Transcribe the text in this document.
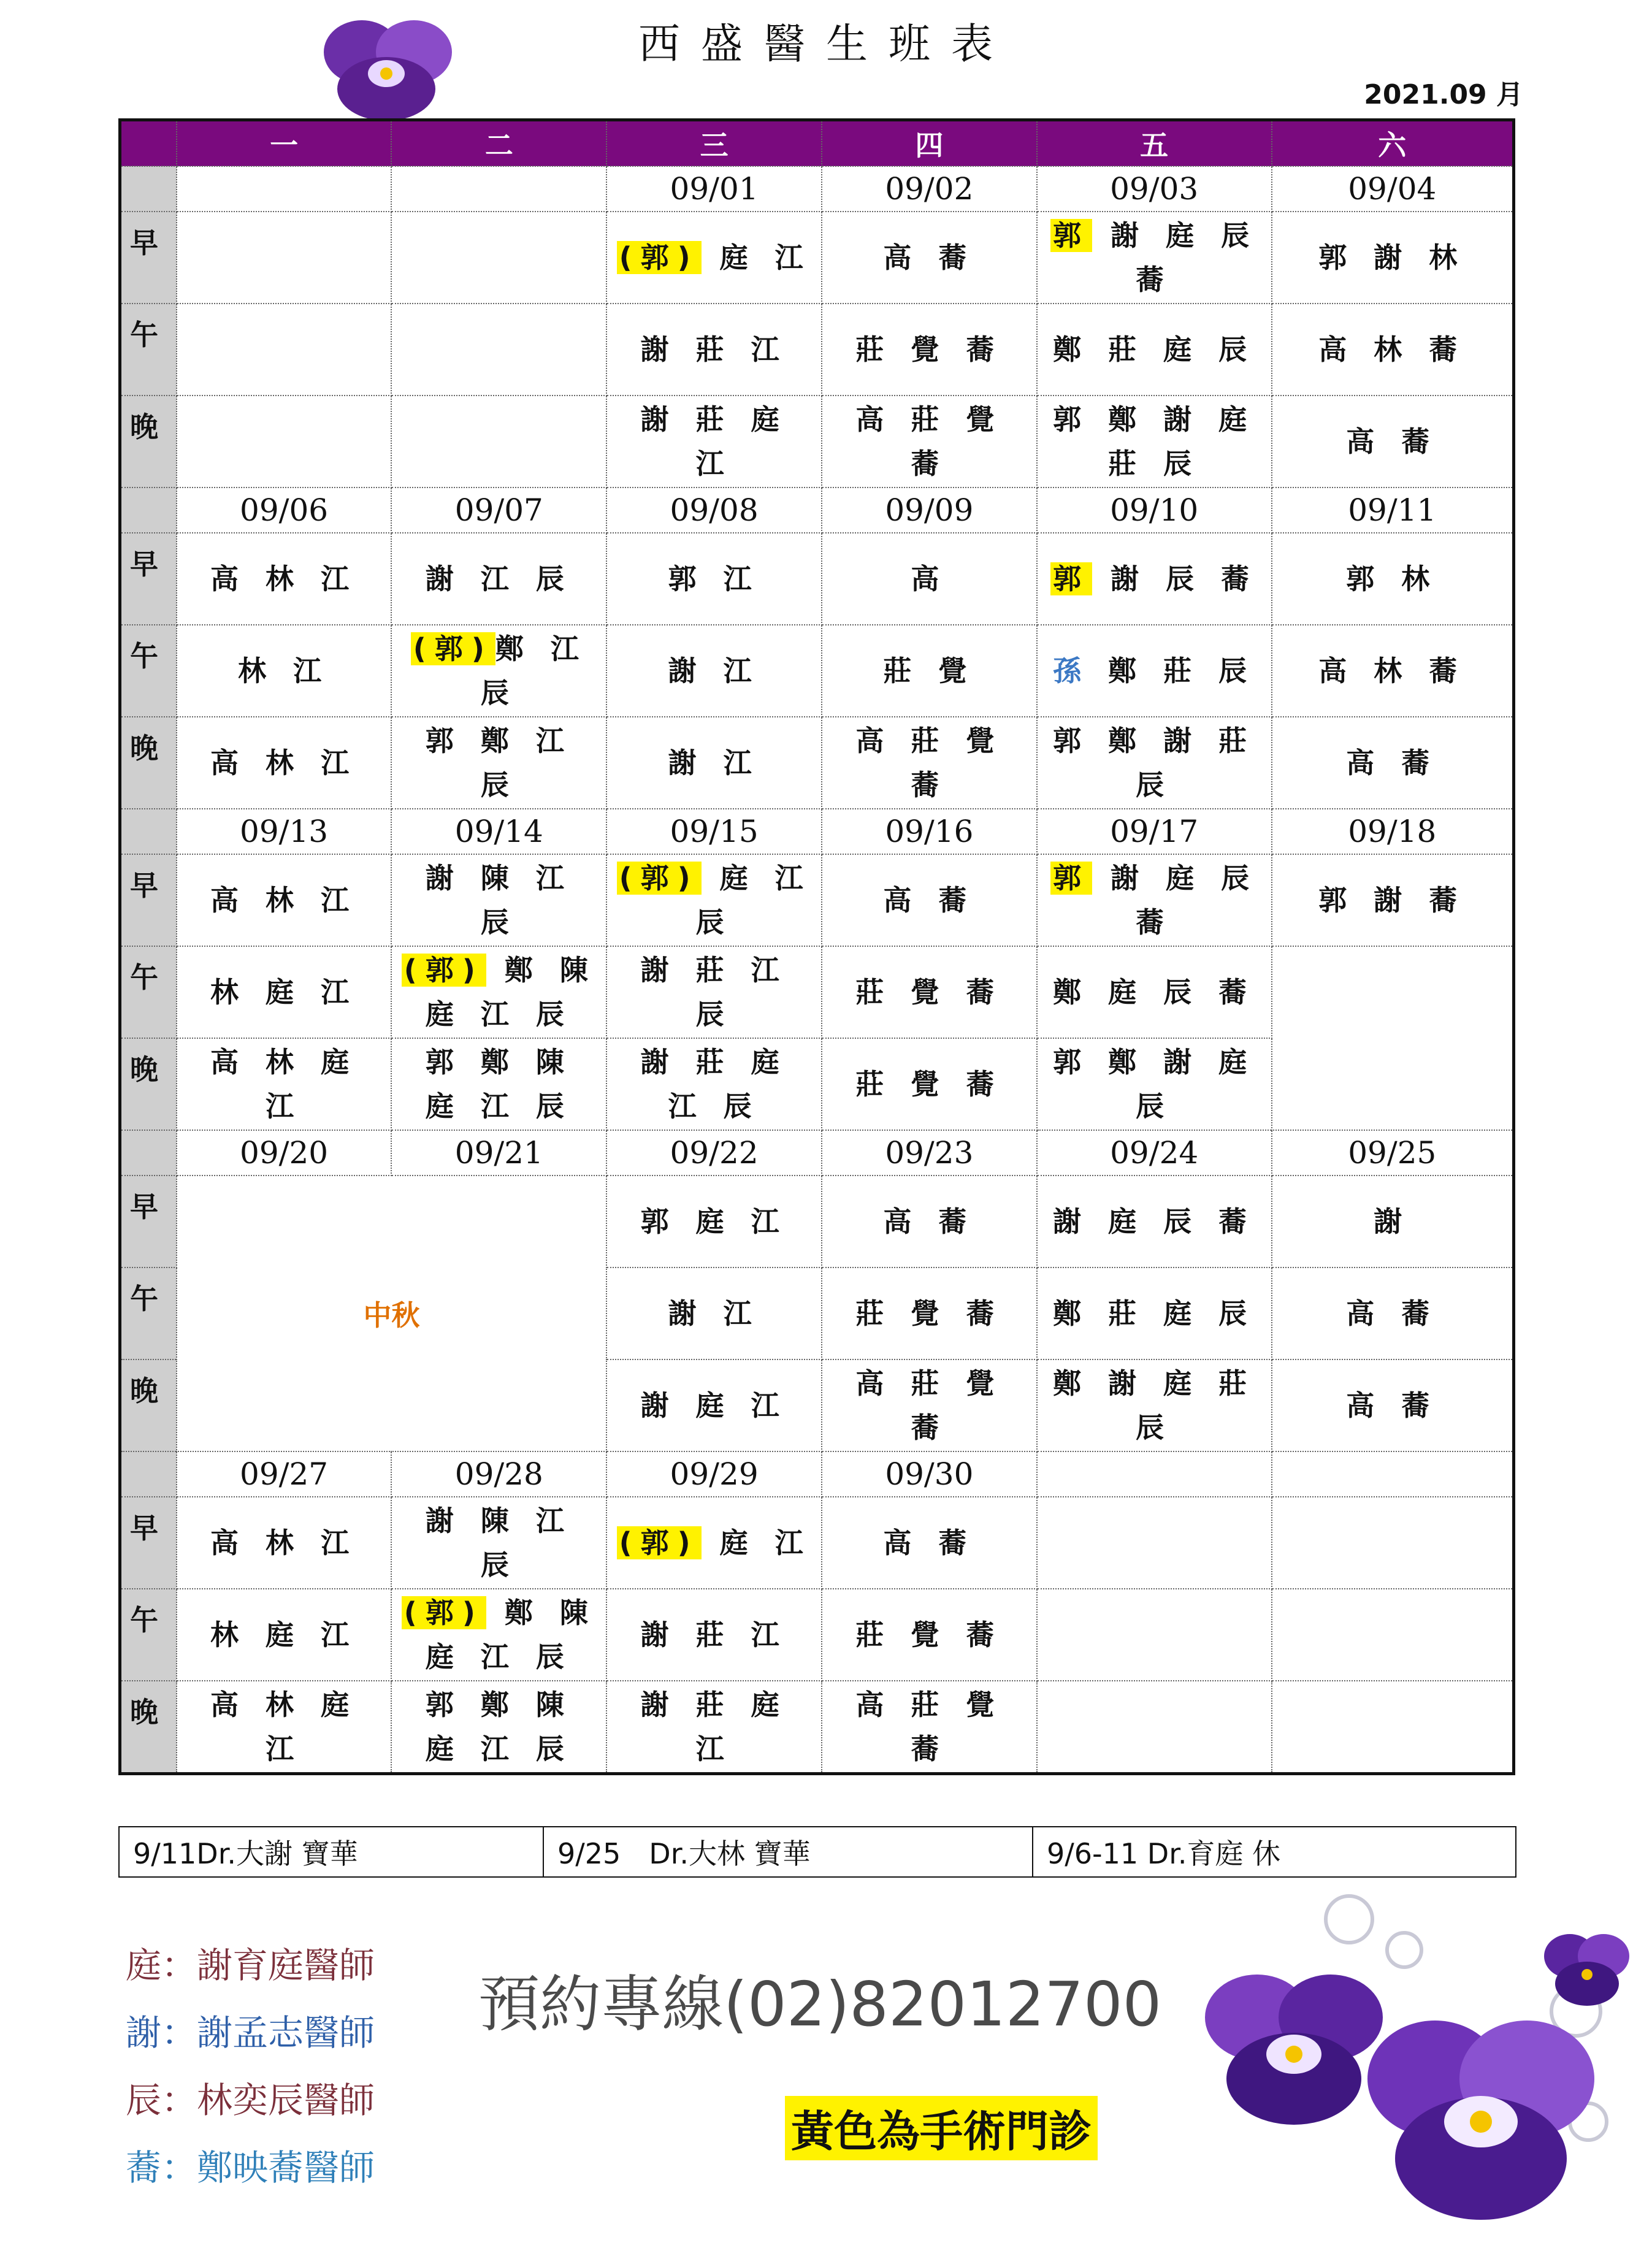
西盛醫生班表
2021.09 月
	一	二	三	四	五	六
			09/01	09/02	09/03	09/04
早			(郭) 庭 江	高 蕎	郭 謝 庭 辰 蕎	郭 謝 林
午			謝 莊 江	莊 覺 蕎	鄭 莊 庭 辰	高 林 蕎
晚			謝 莊 庭 江	高 莊 覺 蕎	郭 鄭 謝 庭 莊 辰	高 蕎
	09/06	09/07	09/08	09/09	09/10	09/11
早	高 林 江	謝 江 辰	郭 江	高	郭 謝 辰 蕎	郭 林
午	林 江	(郭)鄭 江 辰	謝 江	莊 覺	孫 鄭 莊 辰	高 林 蕎
晚	高 林 江	郭 鄭 江 辰	謝 江	高 莊 覺 蕎	郭 鄭 謝 莊 辰	高 蕎
	09/13	09/14	09/15	09/16	09/17	09/18
早	高 林 江	謝 陳 江 辰	(郭) 庭 江 辰	高 蕎	郭 謝 庭 辰 蕎	郭 謝 蕎
午	林 庭 江	(郭) 鄭 陳 庭 江 辰	謝 莊 江 辰	莊 覺 蕎	鄭 庭 辰 蕎	
晚	高 林 庭 江	郭 鄭 陳 庭 江 辰	謝 莊 庭 江 辰	莊 覺 蕎	郭 鄭 謝 庭 辰	
	09/20	09/21	09/22	09/23	09/24	09/25
早	中秋		郭 庭 江	高 蕎	謝 庭 辰 蕎	謝
午			謝 江	莊 覺 蕎	鄭 莊 庭 辰	高 蕎
晚			謝 庭 江	高 莊 覺 蕎	鄭 謝 庭 莊 辰	高 蕎
	09/27	09/28	09/29	09/30		
早	高 林 江	謝 陳 江 辰	(郭) 庭 江	高 蕎		
午	林 庭 江	(郭) 鄭 陳 庭 江 辰	謝 莊 江	莊 覺 蕎		
晚	高 林 庭 江	郭 鄭 陳 庭 江 辰	謝 莊 庭 江	高 莊 覺 蕎		
9/11Dr.大謝 寶華	9/25　Dr.大林 寶華	9/6-11 Dr.育庭 休
庭：謝育庭醫師
謝：謝孟志醫師
辰：林奕辰醫師
蕎：鄭映蕎醫師
預約專線(02)82012700
黃色為手術門診
